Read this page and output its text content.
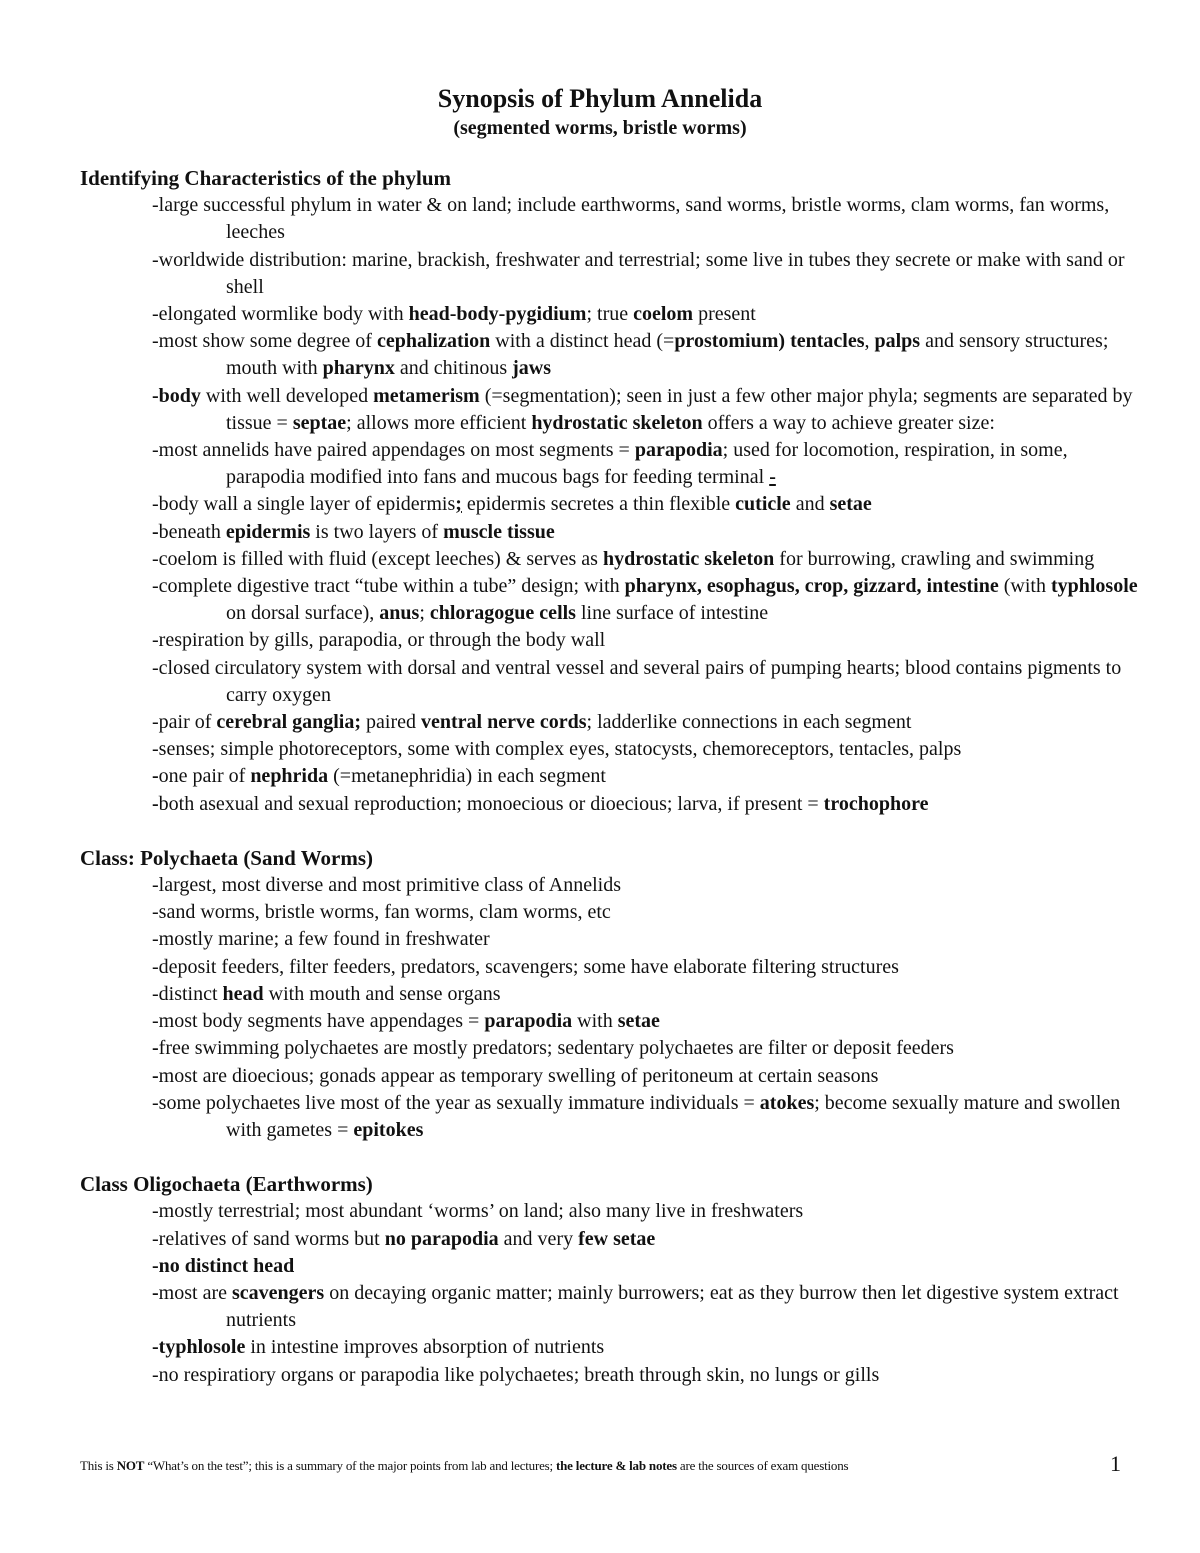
Synopsis of Phylum Annelida
(segmented worms, bristle worms)
Identifying Characteristics of the phylum
-large successful phylum in water & on land; include earthworms, sand worms, bristle worms, clam worms, fan worms, leeches
-worldwide distribution: marine, brackish, freshwater and terrestrial; some live in tubes they secrete or make with sand or shell
-elongated wormlike body with head-body-pygidium; true coelom present
-most show some degree of cephalization with a distinct head (=prostomium) tentacles, palps and sensory structures; mouth with pharynx and chitinous jaws
-body with well developed metamerism (=segmentation); seen in just a few other major phyla; segments are separated by tissue = septae; allows more efficient hydrostatic skeleton offers a way to achieve greater size:
-most annelids have paired appendages on most segments = parapodia; used for locomotion, respiration, in some, parapodia modified into fans and mucous bags for feeding terminal -
-body wall a single layer of epidermis; epidermis secretes a thin flexible cuticle and setae
-beneath epidermis is two layers of muscle tissue
-coelom is filled with fluid (except leeches) & serves as hydrostatic skeleton for burrowing, crawling and swimming
-complete digestive tract “tube within a tube” design; with pharynx, esophagus, crop, gizzard, intestine (with typhlosole on dorsal surface), anus; chloragogue cells line surface of intestine
-respiration by gills, parapodia, or through the body wall
-closed circulatory system with dorsal and ventral vessel and several pairs of pumping hearts; blood contains pigments to carry oxygen
-pair of cerebral ganglia; paired ventral nerve cords; ladderlike connections in each segment
-senses; simple photoreceptors, some with complex eyes, statocysts, chemoreceptors, tentacles, palps
-one pair of nephrida (=metanephridia) in each segment
-both asexual and sexual reproduction; monoecious or dioecious; larva, if present = trochophore
Class: Polychaeta (Sand Worms)
-largest, most diverse and most primitive class of Annelids
-sand worms, bristle worms, fan worms, clam worms, etc
-mostly marine; a few found in freshwater
-deposit feeders, filter feeders, predators, scavengers; some have elaborate filtering structures
-distinct head with mouth and sense organs
-most body segments have appendages = parapodia with setae
-free swimming polychaetes are mostly predators; sedentary polychaetes are filter or deposit feeders
-most are dioecious; gonads appear as temporary swelling of peritoneum at certain seasons
-some polychaetes live most of the year as sexually immature individuals = atokes; become sexually mature and swollen with gametes = epitokes
Class Oligochaeta (Earthworms)
-mostly terrestrial; most abundant ‘worms’ on land; also many live in freshwaters
-relatives of sand worms but no parapodia and very few setae
-no distinct head
-most are scavengers on decaying organic matter; mainly burrowers; eat as they burrow then let digestive system extract nutrients
-typhlosole in intestine improves absorption of nutrients
-no respiratiory organs or parapodia like polychaetes; breath through skin, no lungs or gills
This is NOT “What’s on the test”; this is a summary of the major points from lab and lectures; the lecture & lab notes are the sources of exam questions	1
